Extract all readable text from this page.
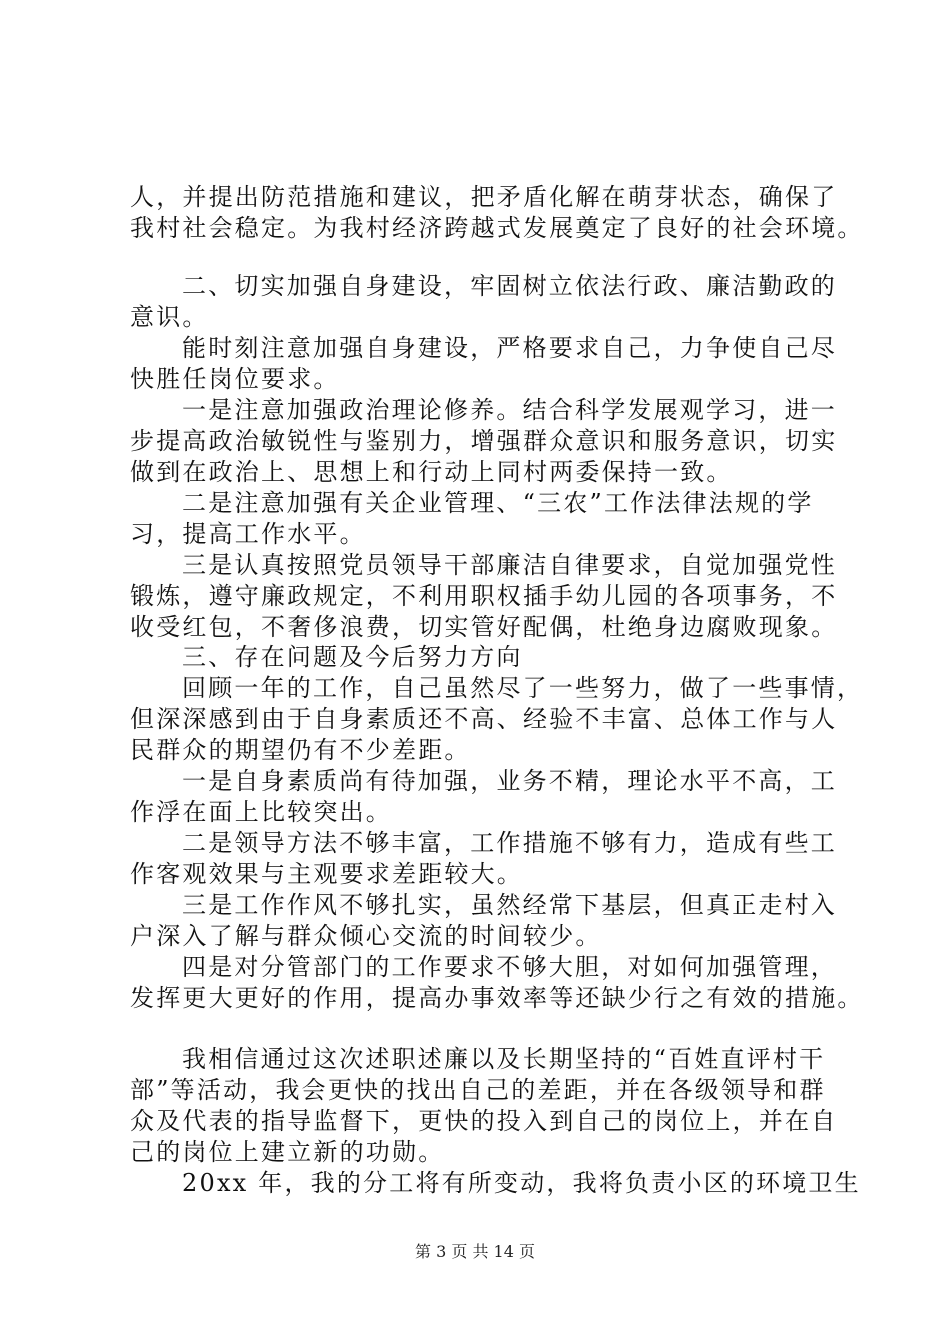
人，并提出防范措施和建议，把矛盾化解在萌芽状态，确保了
我村社会稳定。为我村经济跨越式发展奠定了良好的社会环境。
二、切实加强自身建设，牢固树立依法行政、廉洁勤政的
意识。
能时刻注意加强自身建设，严格要求自己，力争使自己尽
快胜任岗位要求。
一是注意加强政治理论修养。结合科学发展观学习，进一
步提高政治敏锐性与鉴别力，增强群众意识和服务意识，切实
做到在政治上、思想上和行动上同村两委保持一致。
二是注意加强有关企业管理、“三农”工作法律法规的学
习，提高工作水平。
三是认真按照党员领导干部廉洁自律要求，自觉加强党性
锻炼，遵守廉政规定，不利用职权插手幼儿园的各项事务，不
收受红包，不奢侈浪费，切实管好配偶，杜绝身边腐败现象。
三、存在问题及今后努力方向
回顾一年的工作，自己虽然尽了一些努力，做了一些事情，
但深深感到由于自身素质还不高、经验不丰富、总体工作与人
民群众的期望仍有不少差距。
一是自身素质尚有待加强，业务不精，理论水平不高，工
作浮在面上比较突出。
二是领导方法不够丰富，工作措施不够有力，造成有些工
作客观效果与主观要求差距较大。
三是工作作风不够扎实，虽然经常下基层，但真正走村入
户深入了解与群众倾心交流的时间较少。
四是对分管部门的工作要求不够大胆，对如何加强管理，
发挥更大更好的作用，提高办事效率等还缺少行之有效的措施。
我相信通过这次述职述廉以及长期坚持的“百姓直评村干
部”等活动，我会更快的找出自己的差距，并在各级领导和群
众及代表的指导监督下，更快的投入到自己的岗位上，并在自
己的岗位上建立新的功勋。
20xx 年，我的分工将有所变动，我将负责小区的环境卫生
第 3 页 共 14 页
